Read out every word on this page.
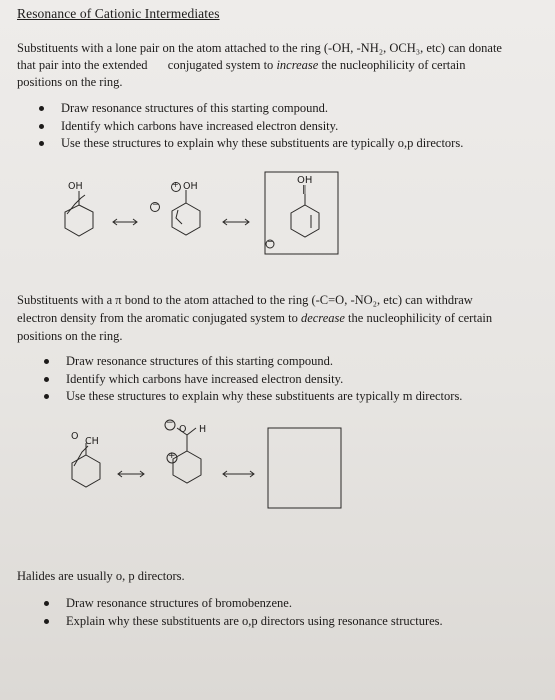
Resonance of Cationic Intermediates
Substituents with a lone pair on the atom attached to the ring (-OH, -NH₂, OCH₃, etc) can donate
that pair into the extended conjugated system to increase the nucleophilicity of certain
positions on the ring.
Draw resonance structures of this starting compound.
Identify which carbons have increased electron density.
Use these structures to explain why these substituents are typically o,p directors.
OH	OH
+
−
OH
‖
−
Substituents with a π bond to the atom attached to the ring (-C=O, -NO₂, etc) can withdraw
electron density from the aromatic conjugated system to decrease the nucleophilicity of certain
positions on the ring.
Draw resonance structures of this starting compound.
Identify which carbons have increased electron density.
Use these structures to explain why these substituents are typically m directors.
O CH
O H
−
+
Halides are usually o, p directors.
Draw resonance structures of bromobenzene.
Explain why these substituents are o,p directors using resonance structures.
